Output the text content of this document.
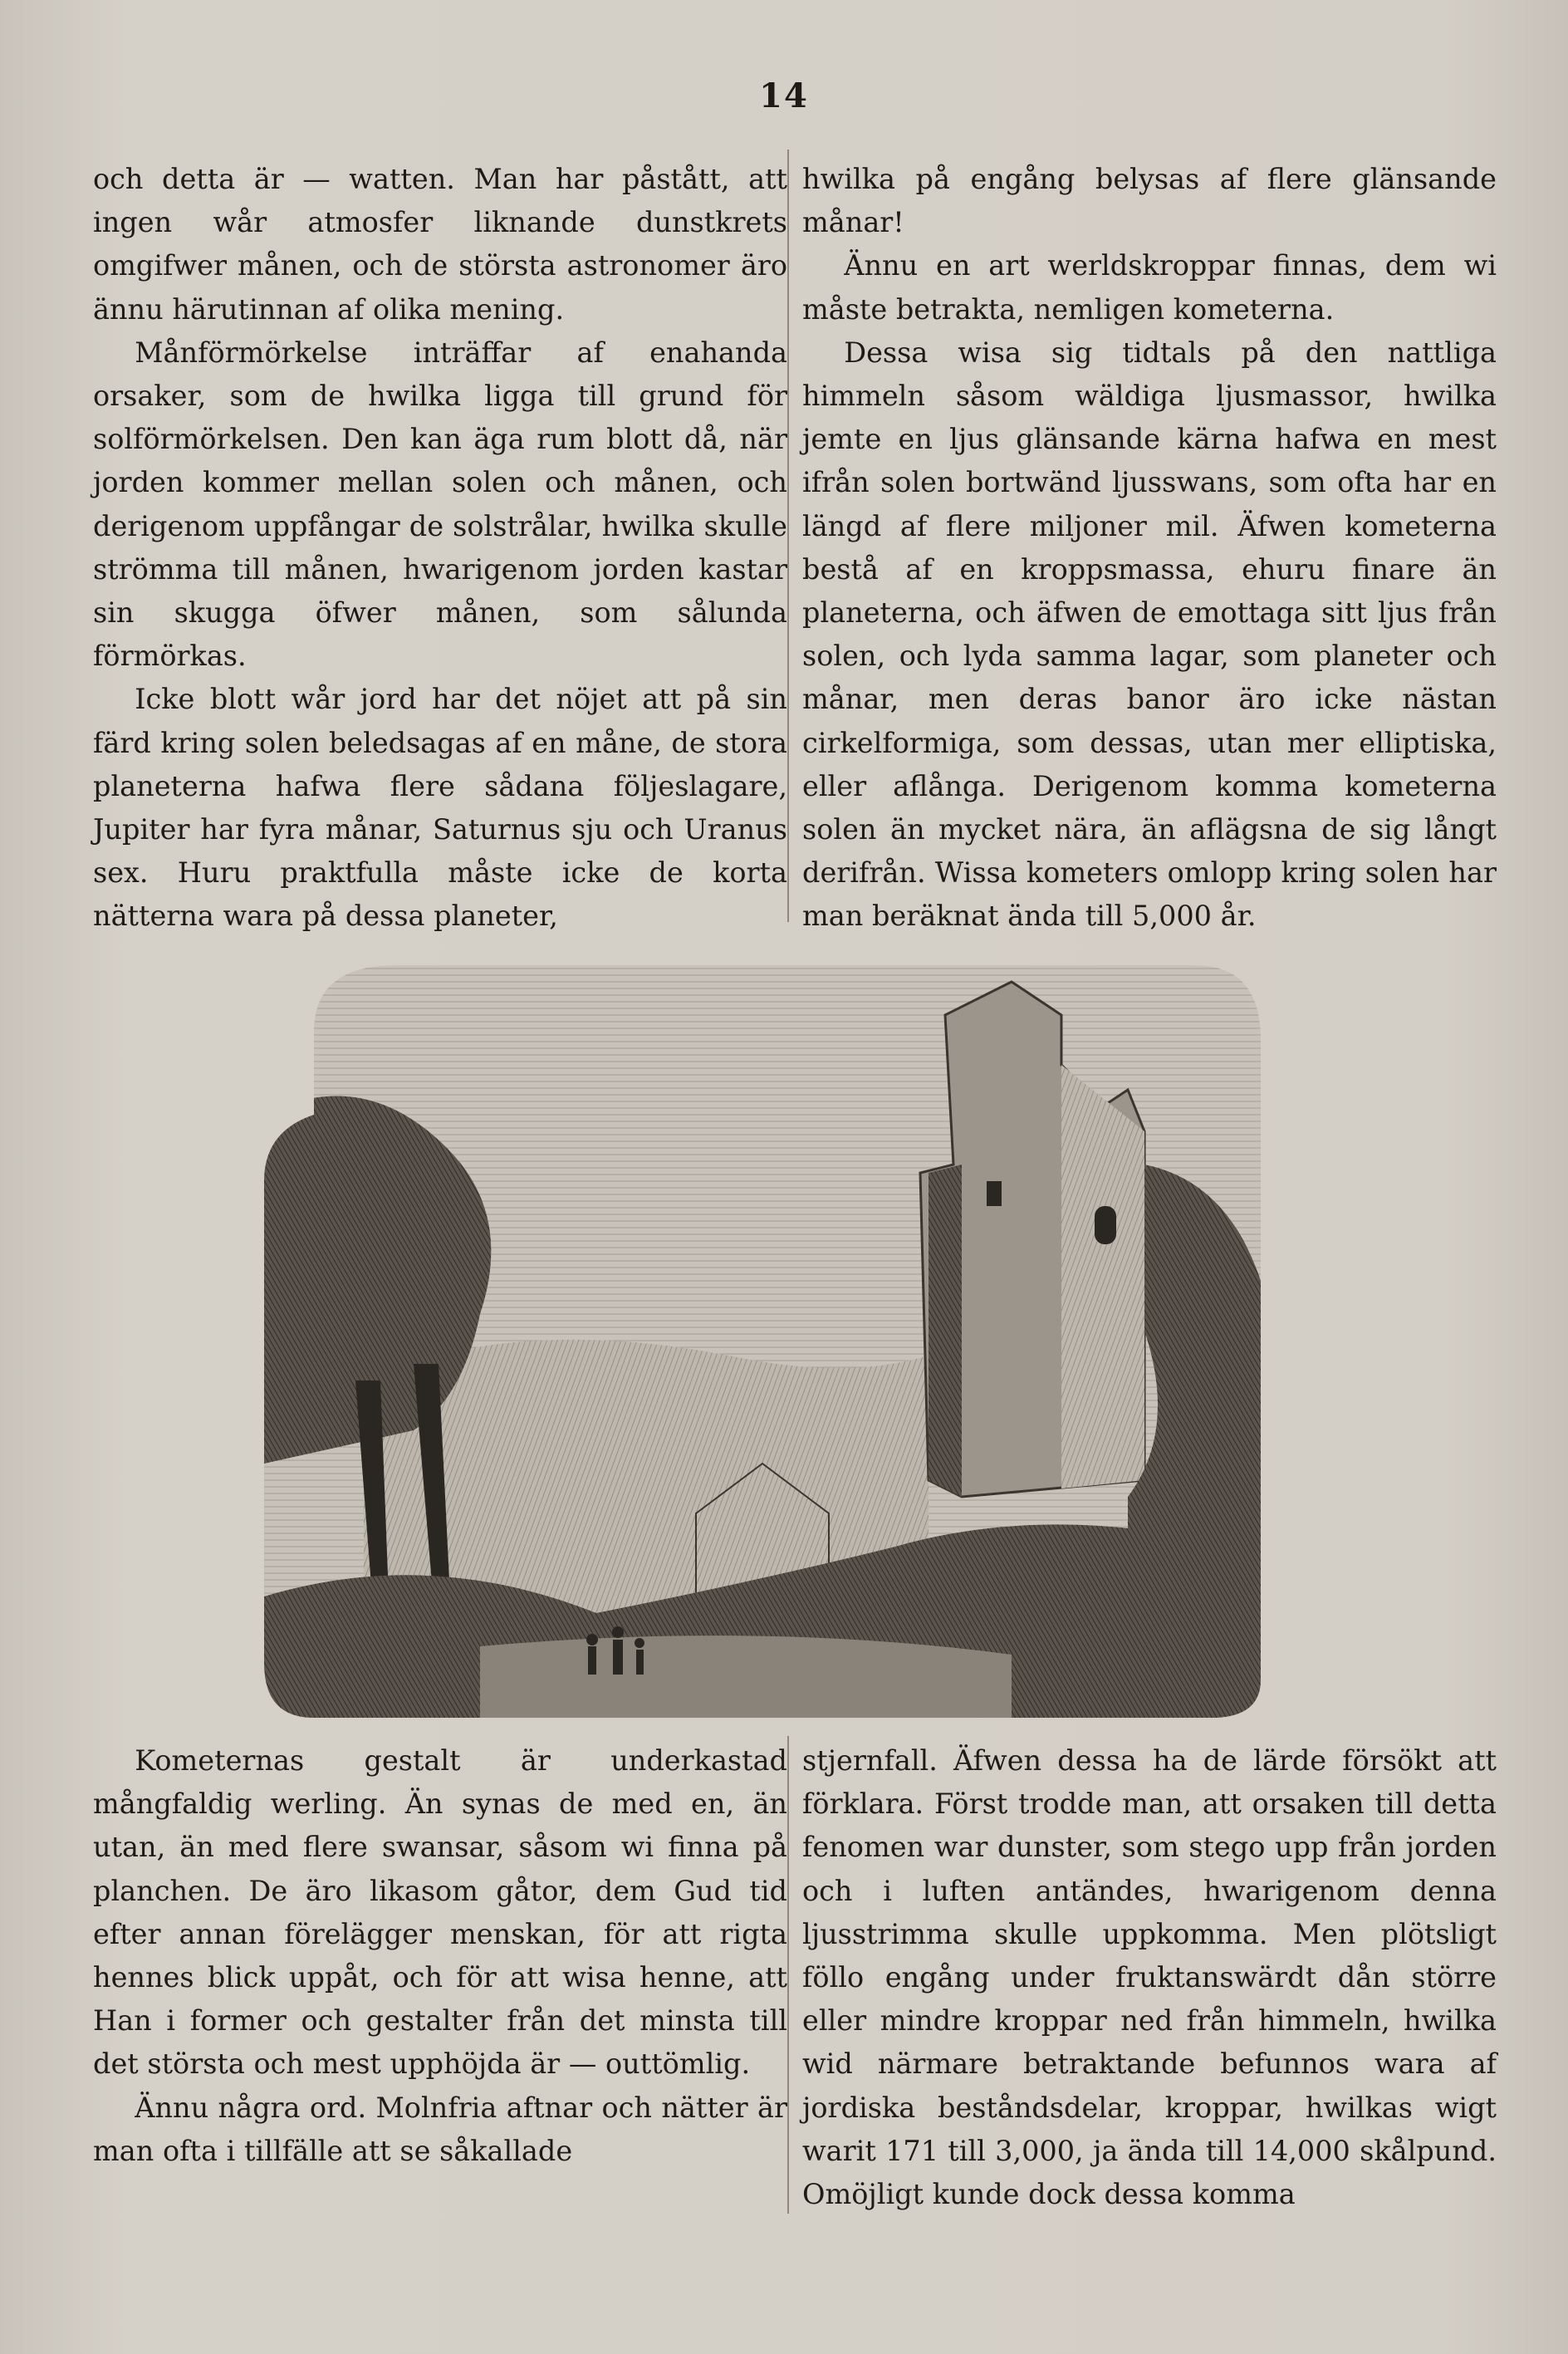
14

och detta är — watten. Man har påstått, att ingen wår atmosfer liknande dunstkrets omgifwer månen, och de största astronomer äro ännu härutinnan af olika mening.

Månförmörkelse inträffar af enahanda orsaker, som de hwilka ligga till grund för solförmörkelsen. Den kan äga rum blott då, när jorden kommer mellan solen och månen, och derigenom uppfångar de solstrålar, hwilka skulle strömma till månen, hwarigenom jorden kastar sin skugga öfwer månen, som sålunda förmörkas.

Icke blott wår jord har det nöjet att på sin färd kring solen beledsagas af en måne, de stora planeterna hafwa flere sådana följeslagare, Jupiter har fyra månar, Saturnus sju och Uranus sex. Huru praktfulla måste icke de korta nätterna wara på dessa planeter,

hwilka på engång belysas af flere glänsande månar!

Ännu en art werldskroppar finnas, dem wi måste betrakta, nemligen kometerna.

Dessa wisa sig tidtals på den nattliga himmeln såsom wäldiga ljusmassor, hwilka jemte en ljus glänsande kärna hafwa en mest ifrån solen bortwänd ljusswans, som ofta har en längd af flere miljoner mil. Äfwen kometerna bestå af en kroppsmassa, ehuru finare än planeterna, och äfwen de emottaga sitt ljus från solen, och lyda samma lagar, som planeter och månar, men deras banor äro icke nästan cirkelformiga, som dessas, utan mer elliptiska, eller aflånga. Derigenom komma kometerna solen än mycket nära, än aflägsna de sig långt derifrån. Wissa kometers omlopp kring solen har man beräknat ända till 5,000 år.

Kometernas gestalt är underkastad mångfaldig werling. Än synas de med en, än utan, än med flere swansar, såsom wi finna på planchen. De äro likasom gåtor, dem Gud tid efter annan förelägger menskan, för att rigta hennes blick uppåt, och för att wisa henne, att Han i former och gestalter från det minsta till det största och mest upphöjda är — outtömlig.

Ännu några ord. Molnfria aftnar och nätter är man ofta i tillfälle att se såkallade

stjernfall. Äfwen dessa ha de lärde försökt att förklara. Först trodde man, att orsaken till detta fenomen war dunster, som stego upp från jorden och i luften antändes, hwarigenom denna ljusstrimma skulle uppkomma. Men plötsligt föllo engång under fruktanswärdt dån större eller mindre kroppar ned från himmeln, hwilka wid närmare betraktande befunnos wara af jordiska beståndsdelar, kroppar, hwilkas wigt warit 171 till 3,000, ja ända till 14,000 skålpund. Omöjligt kunde dock dessa komma
